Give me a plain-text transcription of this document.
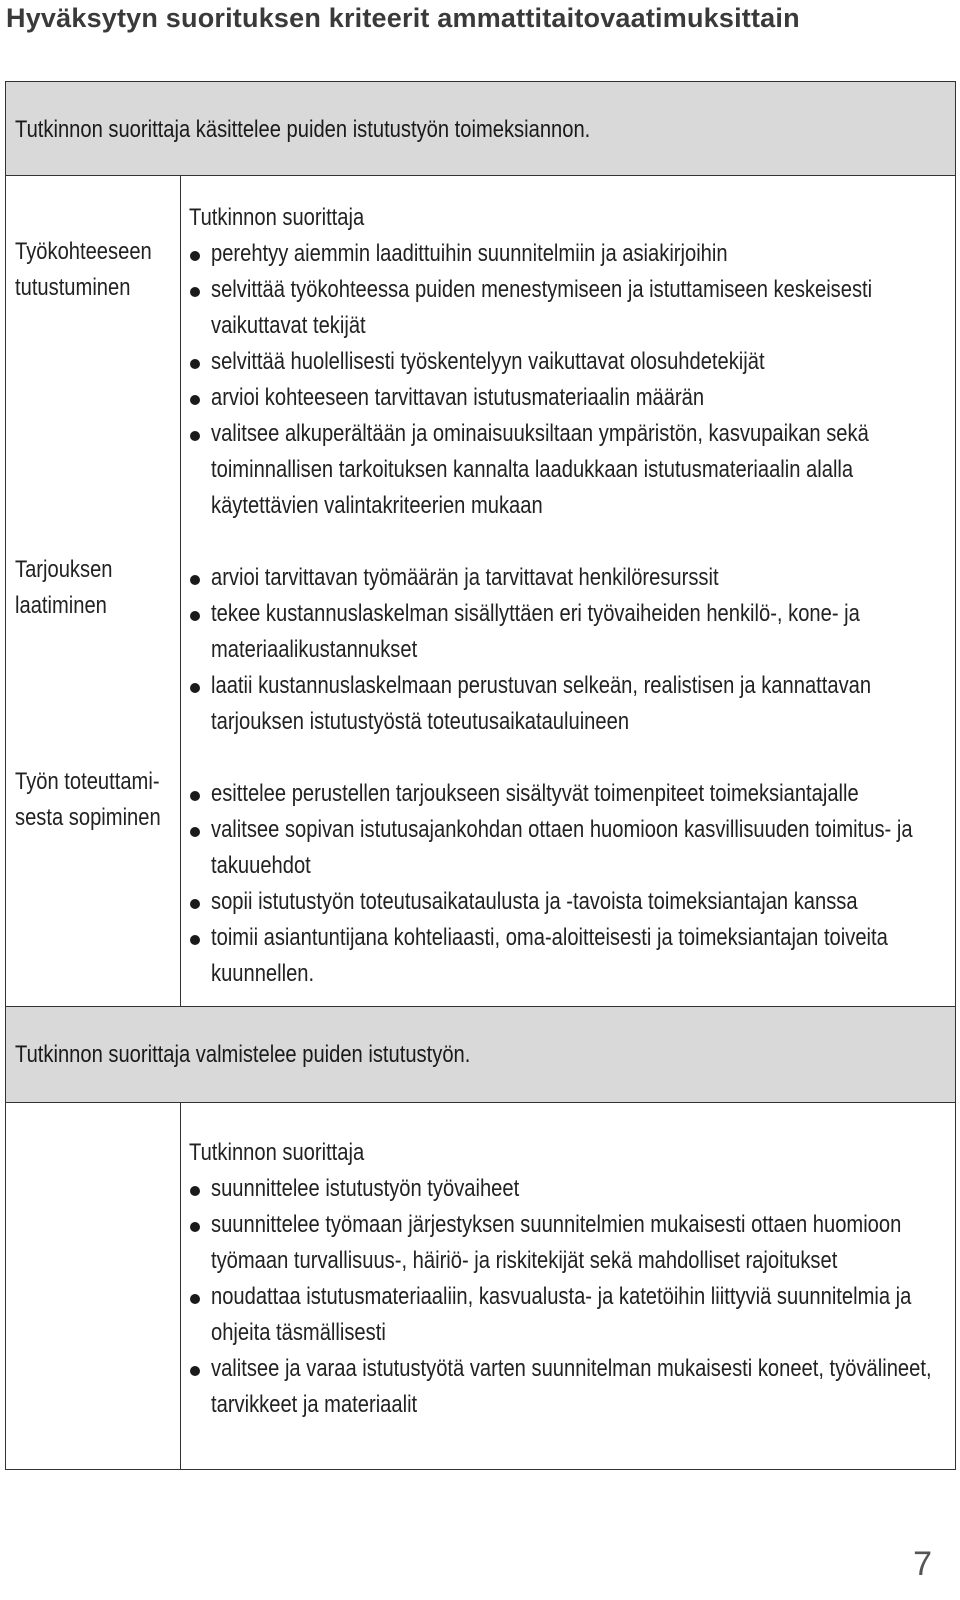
Hyväksytyn suorituksen kriteerit ammattitaitovaatimuksittain
Tutkinnon suorittaja käsittelee puiden istutustyön toimeksiannon.
Työkohteeseen
tutustuminen
Tarjouksen
laatiminen
Työn toteuttami-
sesta sopiminen
Tutkinnon suorittaja
perehtyy aiemmin laadittuihin suunnitelmiin ja asiakirjoihin
selvittää työkohteessa puiden menestymiseen ja istuttamiseen keskeisesti vaikuttavat tekijät
selvittää huolellisesti työskentelyyn vaikuttavat olosuhdetekijät
arvioi kohteeseen tarvittavan istutusmateriaalin määrän
valitsee alkuperältään ja ominaisuuksiltaan ympäristön, kasvupaikan sekä toiminnallisen tarkoituksen kannalta laadukkaan istutusmateriaalin alalla käytettävien valintakriteerien mukaan
arvioi tarvittavan työmäärän ja tarvittavat henkilöresurssit
tekee kustannuslaskelman sisällyttäen eri työvaiheiden henkilö-, kone- ja materiaalikustannukset
laatii kustannuslaskelmaan perustuvan selkeän, realistisen ja kannattavan tarjouksen istutustyöstä toteutusaikatauluineen
esittelee perustellen tarjoukseen sisältyvät toimenpiteet toimeksiantajalle
valitsee sopivan istutusajankohdan ottaen huomioon kasvillisuuden toimitus- ja takuuehdot
sopii istutustyön toteutusaikataulusta ja -tavoista toimeksiantajan kanssa
toimii asiantuntijana kohteliaasti, oma-aloitteisesti ja toimeksiantajan toiveita kuunnellen.
Tutkinnon suorittaja valmistelee puiden istutustyön.
Tutkinnon suorittaja
suunnittelee istutustyön työvaiheet
suunnittelee työmaan järjestyksen suunnitelmien mukaisesti ottaen huomioon työmaan turvallisuus-, häiriö- ja riskitekijät sekä mahdolliset rajoitukset
noudattaa istutusmateriaaliin, kasvualusta- ja katetöihin liittyviä suunnitelmia ja ohjeita täsmällisesti
valitsee ja varaa istutustyötä varten suunnitelman mukaisesti koneet, työvälineet, tarvikkeet ja materiaalit
7
